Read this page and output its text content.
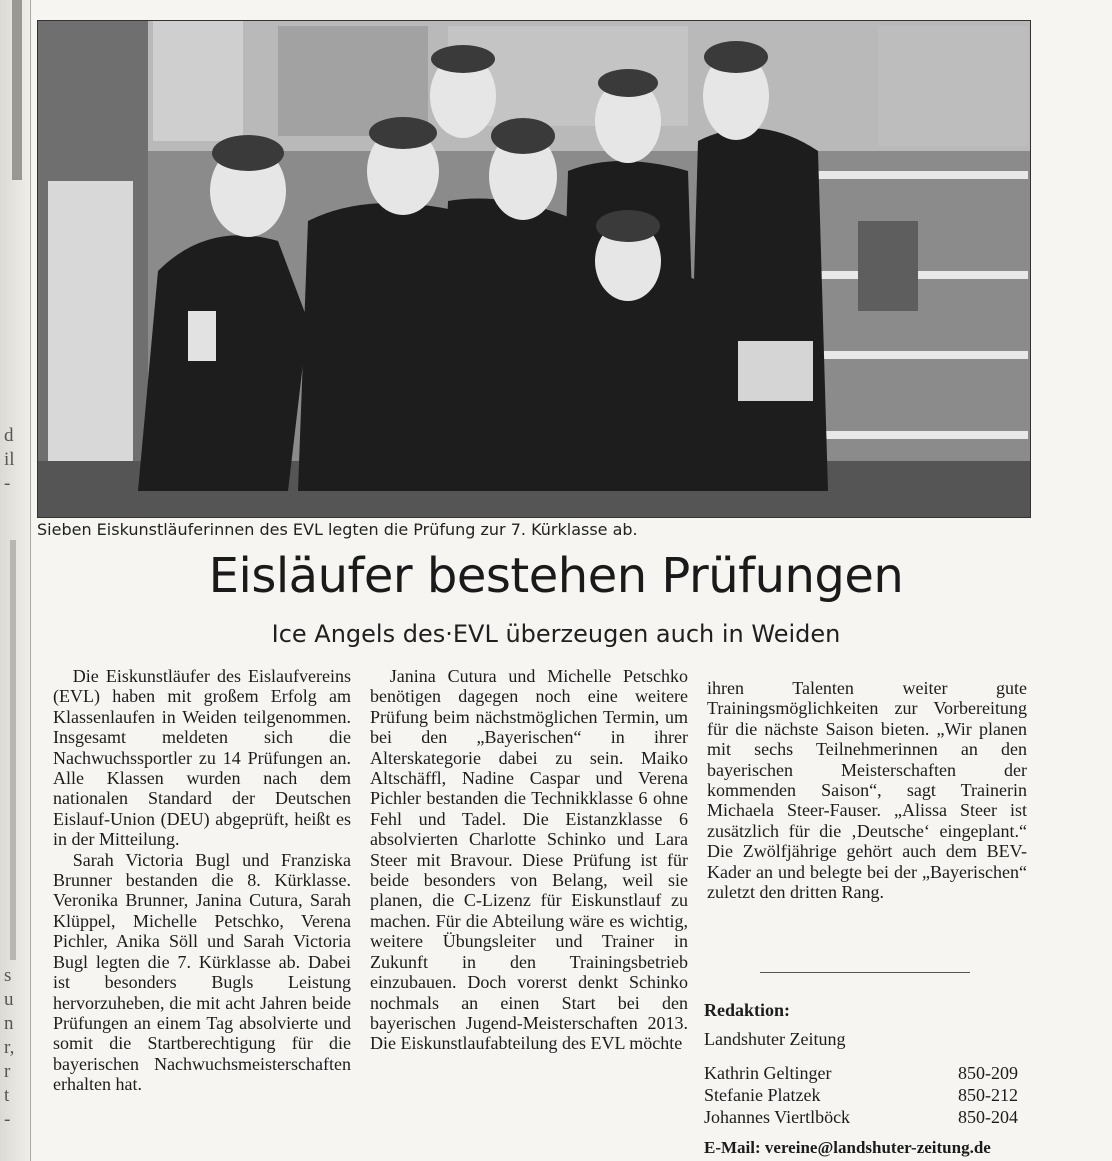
d
il
-
s
u
n
r,
r
t
-
Sieben Eiskunstläuferinnen des EVL legten die Prüfung zur 7. Kürklasse ab.
Eisläufer bestehen Prüfungen
Ice Angels des·EVL überzeugen auch in Weiden

Die Eiskunstläufer des Eislaufvereins (EVL) haben mit großem Erfolg am Klassenlaufen in Weiden teilgenommen. Insgesamt meldeten sich die Nachwuchssportler zu 14 Prüfungen an. Alle Klassen wurden nach dem nationalen Standard der Deutschen Eislauf-Union (DEU) abgeprüft, heißt es in der Mitteilung.

Sarah Victoria Bugl und Franziska Brunner bestanden die 8. Kürklasse. Veronika Brunner, Janina Cutura, Sarah Klüppel, Michelle Petschko, Verena Pichler, Anika Söll und Sarah Victoria Bugl legten die 7. Kürklasse ab. Dabei ist besonders Bugls Leistung hervorzuheben, die mit acht Jahren beide Prüfungen an einem Tag absolvierte und somit die Startberechtigung für die bayerischen Nachwuchsmeisterschaften erhalten hat.

Janina Cutura und Michelle Petschko benötigen dagegen noch eine weitere Prüfung beim nächstmöglichen Termin, um bei den „Bayerischen“ in ihrer Alterskategorie dabei zu sein. Maiko Altschäffl, Nadine Caspar und Verena Pichler bestanden die Technikklasse 6 ohne Fehl und Tadel. Die Eistanzklasse 6 absolvierten Charlotte Schinko und Lara Steer mit Bravour. Diese Prüfung ist für beide besonders von Belang, weil sie planen, die C-Lizenz für Eiskunstlauf zu machen. Für die Abteilung wäre es wichtig, weitere Übungsleiter und Trainer in Zukunft in den Trainingsbetrieb einzubauen. Doch vorerst denkt Schinko nochmals an einen Start bei den bayerischen Jugend-Meisterschaften 2013. Die Eiskunstlaufabteilung des EVL möchte

ihren Talenten weiter gute Trainingsmöglichkeiten zur Vorbereitung für die nächste Saison bieten. „Wir planen mit sechs Teilnehmerinnen an den bayerischen Meisterschaften der kommenden Saison“, sagt Trainerin Michaela Steer-Fauser. „Alissa Steer ist zusätzlich für die ‚Deutsche‘ eingeplant.“ Die Zwölfjährige gehört auch dem BEV-Kader an und belegte bei der „Bayerischen“ zuletzt den dritten Rang.

Redaktion:
Landshuter Zeitung
Kathrin Geltinger	850-209
Stefanie Platzek	850-212
Johannes Viertlböck	850-204
E-Mail: vereine@landshuter-zeitung.de
